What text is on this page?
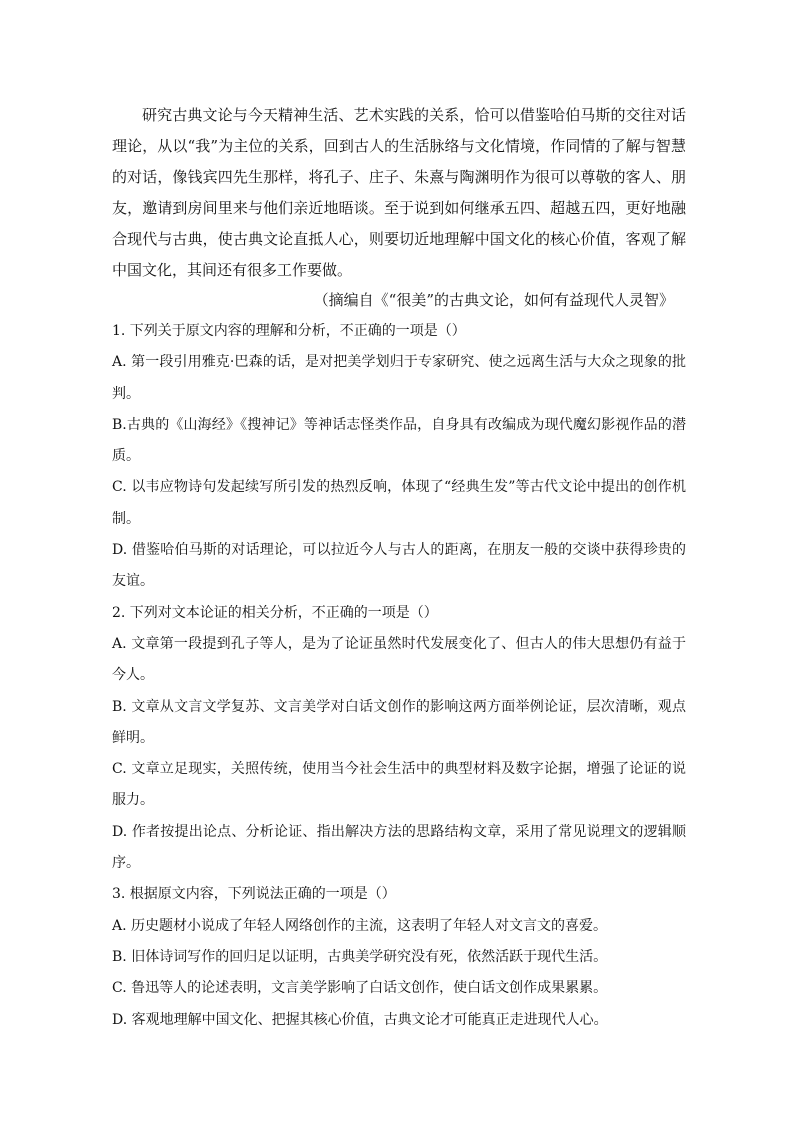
研究古典文论与今天精神生活、艺术实践的关系，恰可以借鉴哈伯马斯的交往对话理论，从以“我”为主位的关系，回到古人的生活脉络与文化情境，作同情的了解与智慧的对话，像钱宾四先生那样，将孔子、庄子、朱熹与陶渊明作为很可以尊敬的客人、朋友，邀请到房间里来与他们亲近地晤谈。至于说到如何继承五四、超越五四，更好地融合现代与古典，使古典文论直抵人心，则要切近地理解中国文化的核心价值，客观了解中国文化，其间还有很多工作要做。

（摘编自《“很美”的古典文论，如何有益现代人灵智》

1. 下列关于原文内容的理解和分析，不正确的一项是（）

A. 第一段引用雅克·巴森的话，是对把美学划归于专家研究、使之远离生活与大众之现象的批判。

B.古典的《山海经》《搜神记》等神话志怪类作品，自身具有改编成为现代魔幻影视作品的潜质。

C. 以韦应物诗句发起续写所引发的热烈反响，体现了“经典生发”等古代文论中提出的创作机制。

D. 借鉴哈伯马斯的对话理论，可以拉近今人与古人的距离，在朋友一般的交谈中获得珍贵的友谊。

2. 下列对文本论证的相关分析，不正确的一项是（）

A. 文章第一段提到孔子等人，是为了论证虽然时代发展变化了、但古人的伟大思想仍有益于今人。

B. 文章从文言文学复苏、文言美学对白话文创作的影响这两方面举例论证，层次清晰，观点鲜明。

C. 文章立足现实，关照传统，使用当今社会生活中的典型材料及数字论据，增强了论证的说服力。

D. 作者按提出论点、分析论证、指出解决方法的思路结构文章，采用了常见说理文的逻辑顺序。

3. 根据原文内容，下列说法正确的一项是（）

A. 历史题材小说成了年轻人网络创作的主流，这表明了年轻人对文言文的喜爱。

B. 旧体诗词写作的回归足以证明，古典美学研究没有死，依然活跃于现代生活。

C. 鲁迅等人的论述表明，文言美学影响了白话文创作，使白话文创作成果累累。

D. 客观地理解中国文化、把握其核心价值，古典文论才可能真正走进现代人心。
